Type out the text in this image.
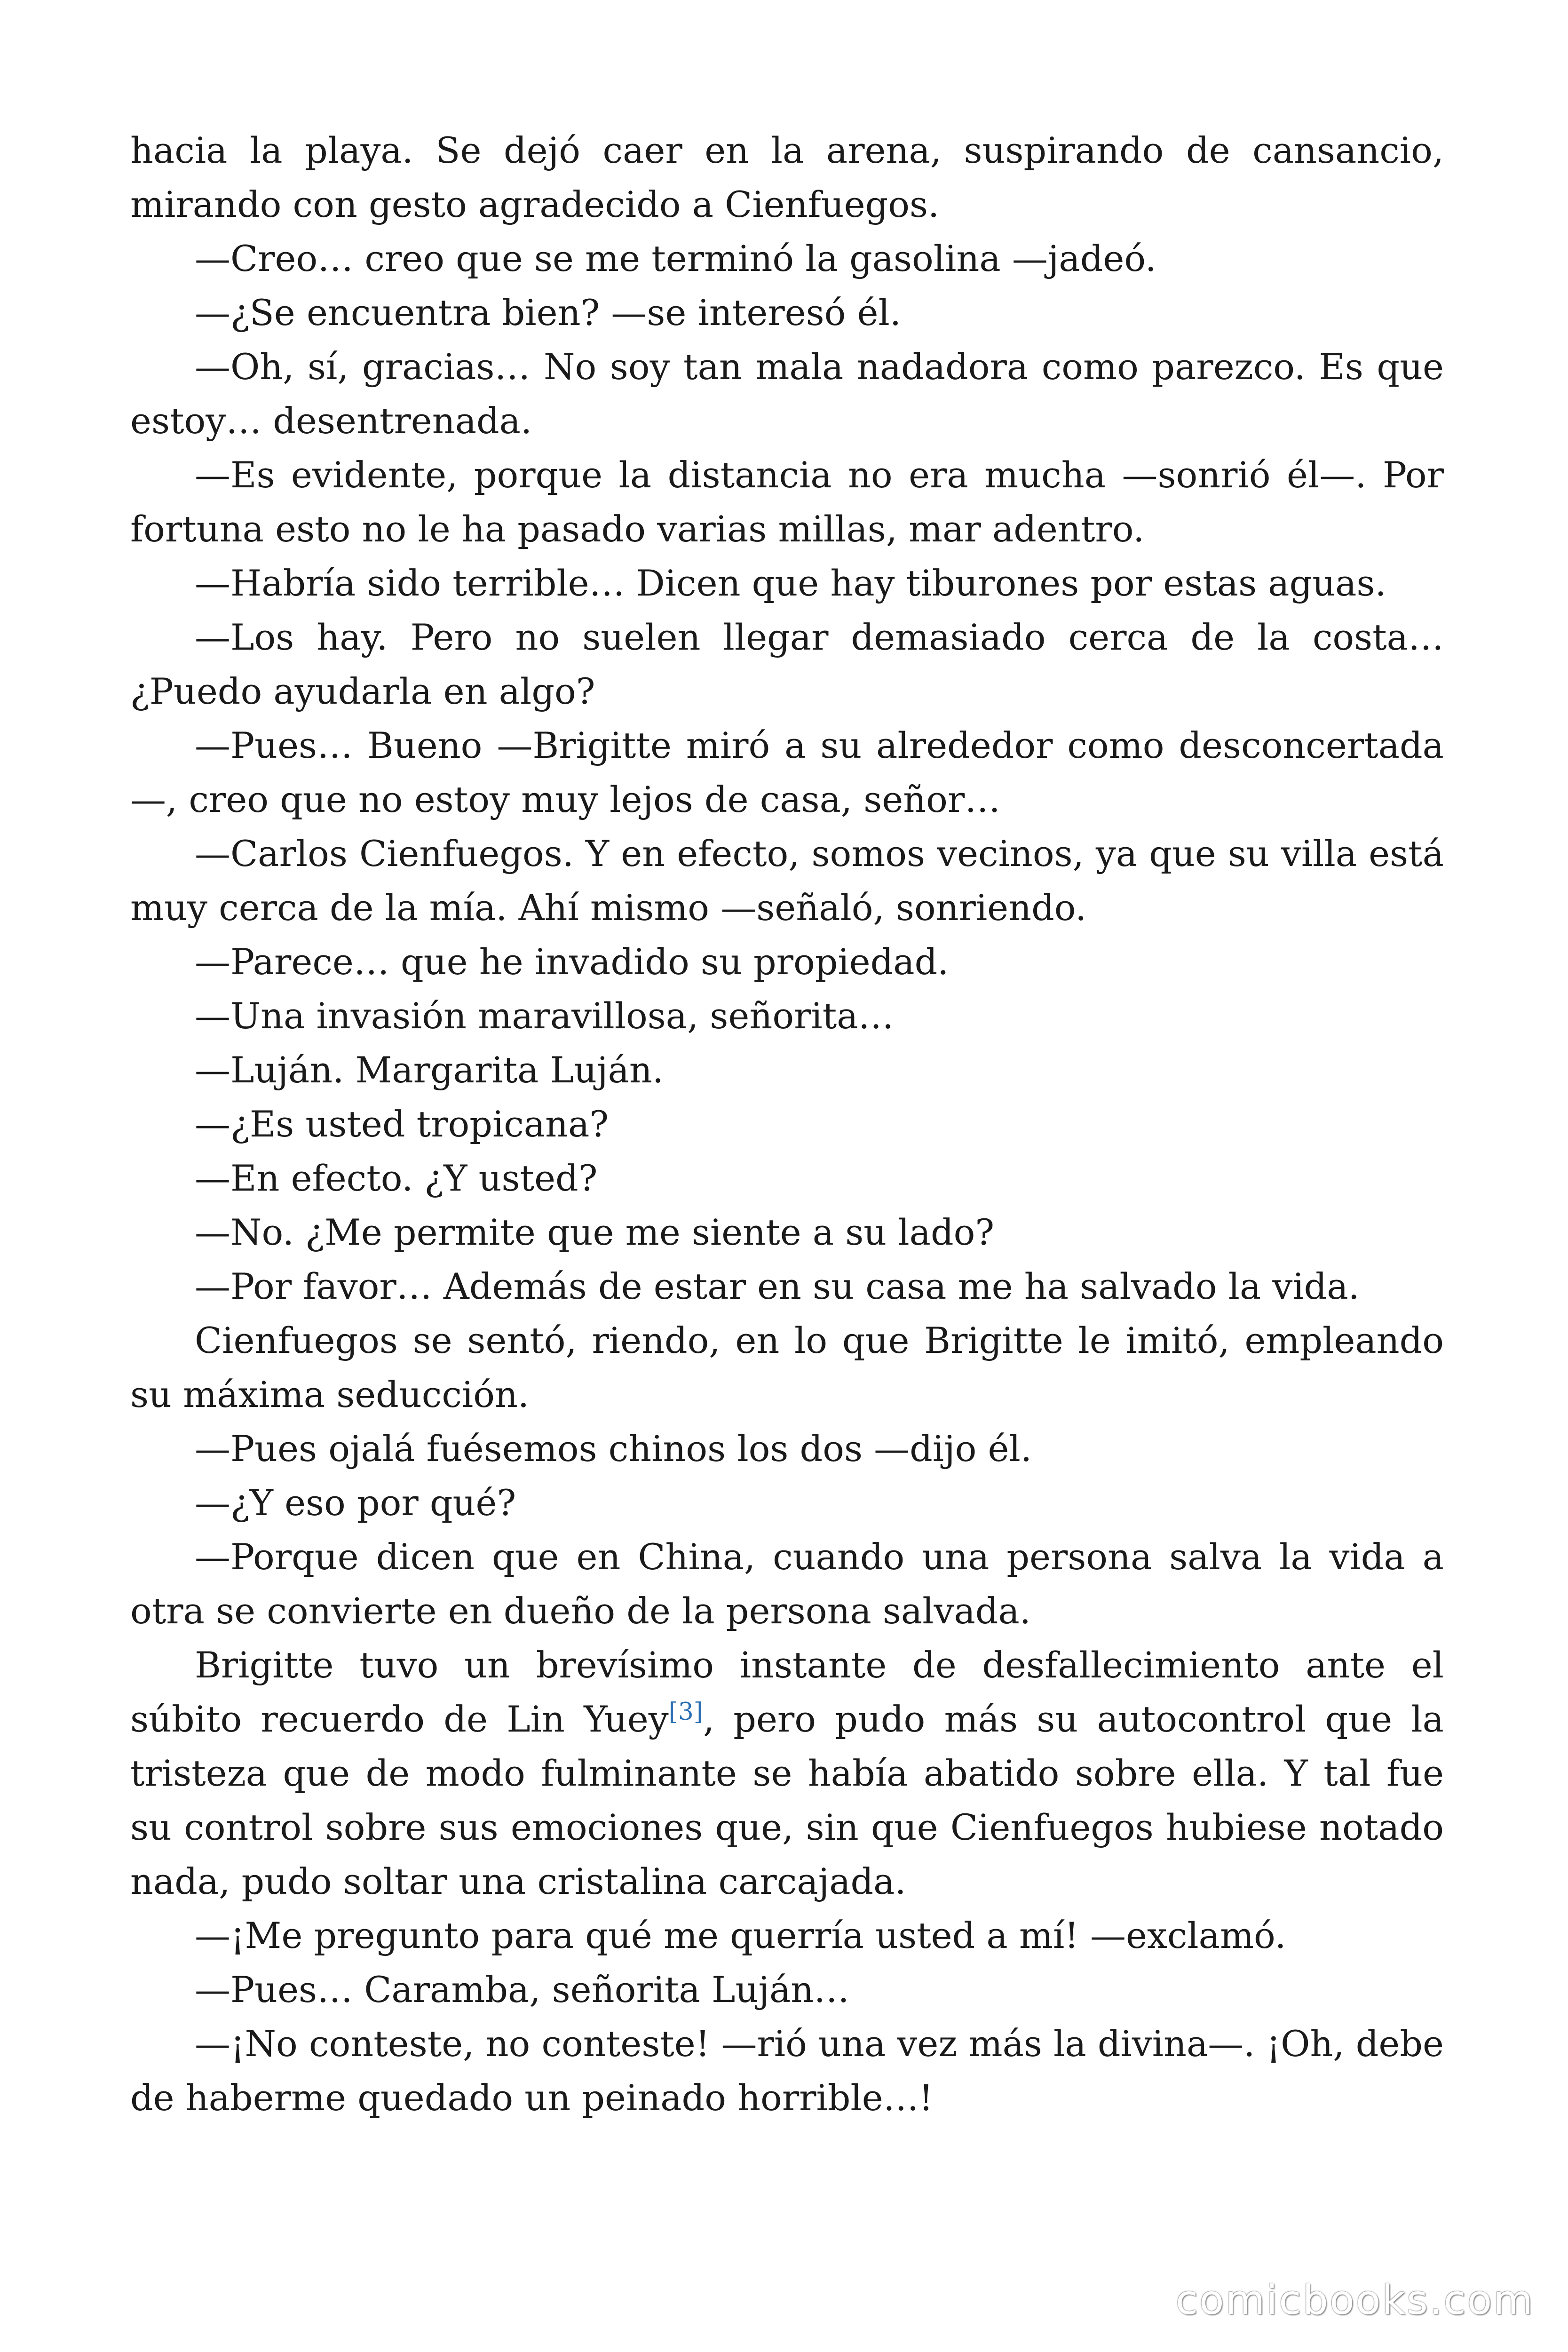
hacia la playa. Se dejó caer en la arena, suspirando de cansancio, mirando con gesto agradecido a Cienfuegos.

—Creo… creo que se me terminó la gasolina —jadeó.

—¿Se encuentra bien? —se interesó él.

—Oh, sí, gracias… No soy tan mala nadadora como parezco. Es que estoy… desentrenada.

—Es evidente, porque la distancia no era mucha —sonrió él—. Por fortuna esto no le ha pasado varias millas, mar adentro.

—Habría sido terrible… Dicen que hay tiburones por estas aguas.

—Los hay. Pero no suelen llegar demasiado cerca de la costa… ¿Puedo ayudarla en algo?

—Pues… Bueno —Brigitte miró a su alrededor como desconcertada—, creo que no estoy muy lejos de casa, señor…

—Carlos Cienfuegos. Y en efecto, somos vecinos, ya que su villa está muy cerca de la mía. Ahí mismo —señaló, sonriendo.

—Parece… que he invadido su propiedad.

—Una invasión maravillosa, señorita…

—Luján. Margarita Luján.

—¿Es usted tropicana?

—En efecto. ¿Y usted?

—No. ¿Me permite que me siente a su lado?

—Por favor… Además de estar en su casa me ha salvado la vida.

Cienfuegos se sentó, riendo, en lo que Brigitte le imitó, empleando su máxima seducción.

—Pues ojalá fuésemos chinos los dos —dijo él.

—¿Y eso por qué?

—Porque dicen que en China, cuando una persona salva la vida a otra se convierte en dueño de la persona salvada.

Brigitte tuvo un brevísimo instante de desfallecimiento ante el súbito recuerdo de Lin Yuey[3], pero pudo más su autocontrol que la tristeza que de modo fulminante se había abatido sobre ella. Y tal fue su control sobre sus emociones que, sin que Cienfuegos hubiese notado nada, pudo soltar una cristalina carcajada.

—¡Me pregunto para qué me querría usted a mí! —exclamó.

—Pues… Caramba, señorita Luján…

—¡No conteste, no conteste! —rió una vez más la divina—. ¡Oh, debe de haberme quedado un peinado horrible…!

comicbooks.com
